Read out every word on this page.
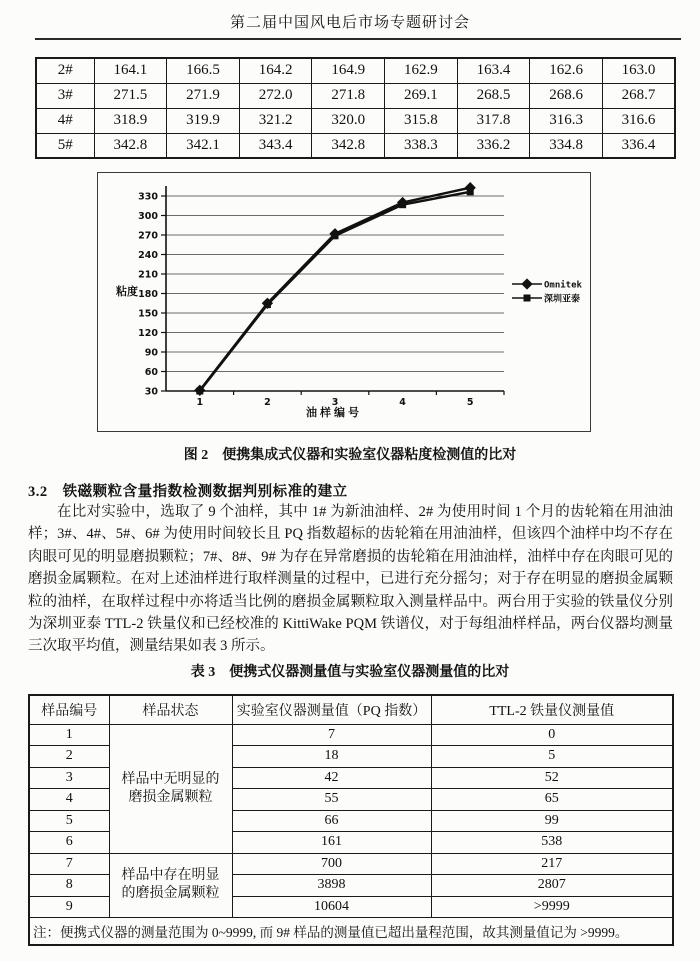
第二届中国风电后市场专题研讨会
2#	164.1	166.5	164.2	164.9	162.9	163.4	162.6	163.0
3#	271.5	271.9	272.0	271.8	269.1	268.5	268.6	268.7
4#	318.9	319.9	321.2	320.0	315.8	317.8	316.3	316.6
5#	342.8	342.1	343.4	342.8	338.3	336.2	334.8	336.4
30
60
90
120
150
180
210
240
270
300
330
1	2	3	4	5
粘度
油样编号
Omnitek
深圳亚泰
图 2　便携集成式仪器和实验室仪器粘度检测值的比对
3.2　铁磁颗粒含量指数检测数据判别标准的建立

在比对实验中，选取了 9 个油样，其中 1# 为新油油样、2# 为使用时间 1 个月的齿轮箱在用油油样；3#、4#、5#、6# 为使用时间较长且 PQ 指数超标的齿轮箱在用油油样，但该四个油样中均不存在肉眼可见的明显磨损颗粒；7#、8#、9# 为存在异常磨损的齿轮箱在用油油样，油样中存在肉眼可见的磨损金属颗粒。在对上述油样进行取样测量的过程中，已进行充分摇匀；对于存在明显的磨损金属颗粒的油样，在取样过程中亦将适当比例的磨损金属颗粒取入测量样品中。两台用于实验的铁量仪分别为深圳亚泰 TTL-2 铁量仪和已经校准的 KittiWake PQM 铁谱仪，对于每组油样样品，两台仪器均测量三次取平均值，测量结果如表 3 所示。

表 3　便携式仪器测量值与实验室仪器测量值的比对
样品编号	样品状态	实验室仪器测量值（PQ 指数）	TTL-2 铁量仪测量值
1	样品中无明显的磨损金属颗粒	7	0
2		18	5
3		42	52
4		55	65
5		66	99
6		161	538
7	样品中存在明显的磨损金属颗粒	700	217
8		3898	2807
9		10604	>9999
注：便携式仪器的测量范围为 0~9999, 而 9# 样品的测量值已超出量程范围，故其测量值记为 >9999。			
